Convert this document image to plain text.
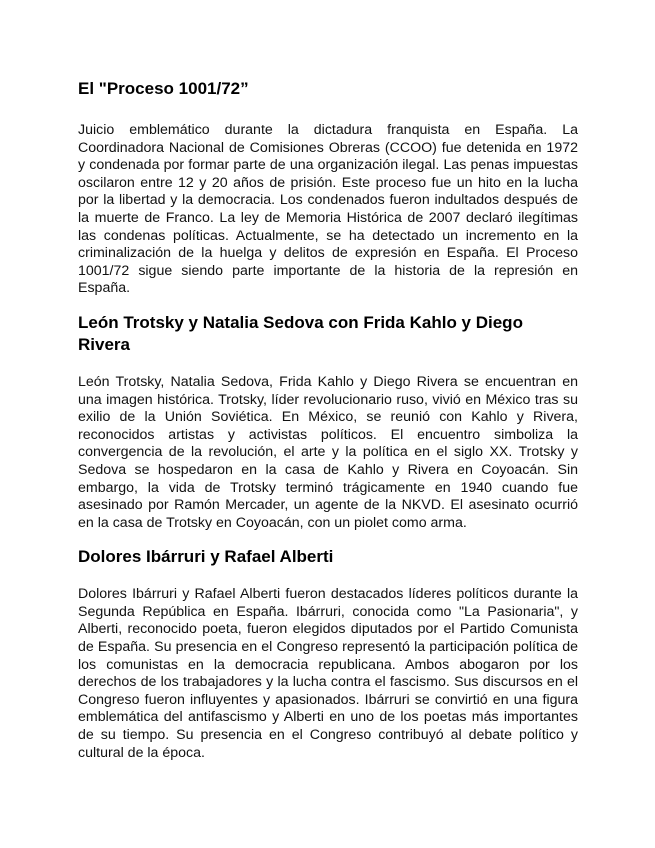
El "Proceso 1001/72”

Juicio emblemático durante la dictadura franquista en España. La Coordinadora Nacional de Comisiones Obreras (CCOO) fue detenida en 1972 y condenada por formar parte de una organización ilegal. Las penas impuestas oscilaron entre 12 y 20 años de prisión. Este proceso fue un hito en la lucha por la libertad y la democracia. Los condenados fueron indultados después de la muerte de Franco. La ley de Memoria Histórica de 2007 declaró ilegítimas las condenas políticas. Actualmente, se ha detectado un incremento en la criminalización de la huelga y delitos de expresión en España. El Proceso 1001/72 sigue siendo parte importante de la historia de la represión en España.

León Trotsky y Natalia Sedova con Frida Kahlo y Diego Rivera

León Trotsky, Natalia Sedova, Frida Kahlo y Diego Rivera se encuentran en una imagen histórica. Trotsky, líder revolucionario ruso, vivió en México tras su exilio de la Unión Soviética. En México, se reunió con Kahlo y Rivera, reconocidos artistas y activistas políticos. El encuentro simboliza la convergencia de la revolución, el arte y la política en el siglo XX. Trotsky y Sedova se hospedaron en la casa de Kahlo y Rivera en Coyoacán. Sin embargo, la vida de Trotsky terminó trágicamente en 1940 cuando fue asesinado por Ramón Mercader, un agente de la NKVD. El asesinato ocurrió en la casa de Trotsky en Coyoacán, con un piolet como arma.

Dolores Ibárruri y Rafael Alberti

Dolores Ibárruri y Rafael Alberti fueron destacados líderes políticos durante la Segunda República en España. Ibárruri, conocida como "La Pasionaria", y Alberti, reconocido poeta, fueron elegidos diputados por el Partido Comunista de España. Su presencia en el Congreso representó la participación política de los comunistas en la democracia republicana. Ambos abogaron por los derechos de los trabajadores y la lucha contra el fascismo. Sus discursos en el Congreso fueron influyentes y apasionados. Ibárruri se convirtió en una figura emblemática del antifascismo y Alberti en uno de los poetas más importantes de su tiempo. Su presencia en el Congreso contribuyó al debate político y cultural de la época.
